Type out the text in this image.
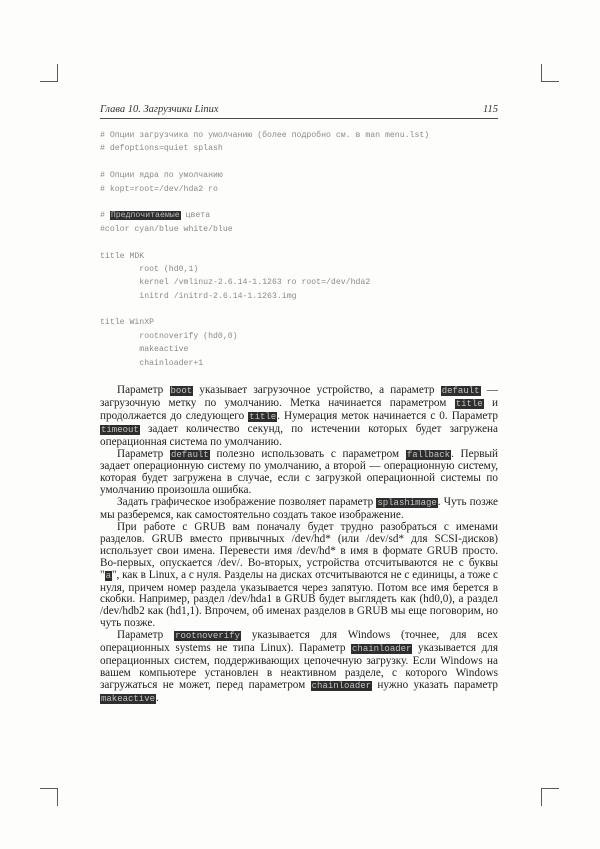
Глава 10. Загрузчики Linux	115
# Опции загрузчика по умолчанию (более подробно см. в man menu.lst)
# defoptions=quiet splash

# Опции ядра по умолчанию
# kopt=root=/dev/hda2 ro

# Предпочитаемые цвета
#color cyan/blue white/blue

title MDK
root (hd0,1)
kernel /vmlinuz-2.6.14-1.1263 ro root=/dev/hda2
initrd /initrd-2.6.14-1.1263.img

title WinXP
rootnoverify (hd0,0)
makeactive
chainloader+1

Параметр boot указывает загрузочное устройство, а параметр default — загрузочную метку по умолчанию. Метка начинается параметром title и продолжается до следующего title. Нумерация меток начинается с 0. Параметр timeout задает количество секунд, по истечении которых будет загружена операционная система по умолчанию.

Параметр default полезно использовать с параметром fallback. Первый задает операционную систему по умолчанию, а второй — операционную систему, которая будет загружена в случае, если с загрузкой операционной системы по умолчанию произошла ошибка.

Задать графическое изображение позволяет параметр splashimage. Чуть позже мы разберемся, как самостоятельно создать такое изображение.

При работе с GRUB вам поначалу будет трудно разобраться с именами разделов. GRUB вместо привычных /dev/hd* (или /dev/sd* для SCSI-дисков) использует свои имена. Перевести имя /dev/hd* в имя в формате GRUB просто. Во-первых, опускается /dev/. Во-вторых, устройства отсчитываются не с буквы "a", как в Linux, а с нуля. Разделы на дисках отсчитываются не с единицы, а тоже с нуля, причем номер раздела указывается через запятую. Потом все имя берется в скобки. Например, раздел /dev/hda1 в GRUB будет выглядеть как (hd0,0), а раздел /dev/hdb2 как (hd1,1). Впрочем, об именах разделов в GRUB мы еще поговорим, но чуть позже.

Параметр rootnoverify указывается для Windows (точнее, для всех операционных systems не типа Linux). Параметр chainloader указывается для операционных систем, поддерживающих цепочечную загрузку. Если Windows на вашем компьютере установлен в неактивном разделе, с которого Windows загружаться не может, перед параметром chainloader нужно указать параметр makeactive.
